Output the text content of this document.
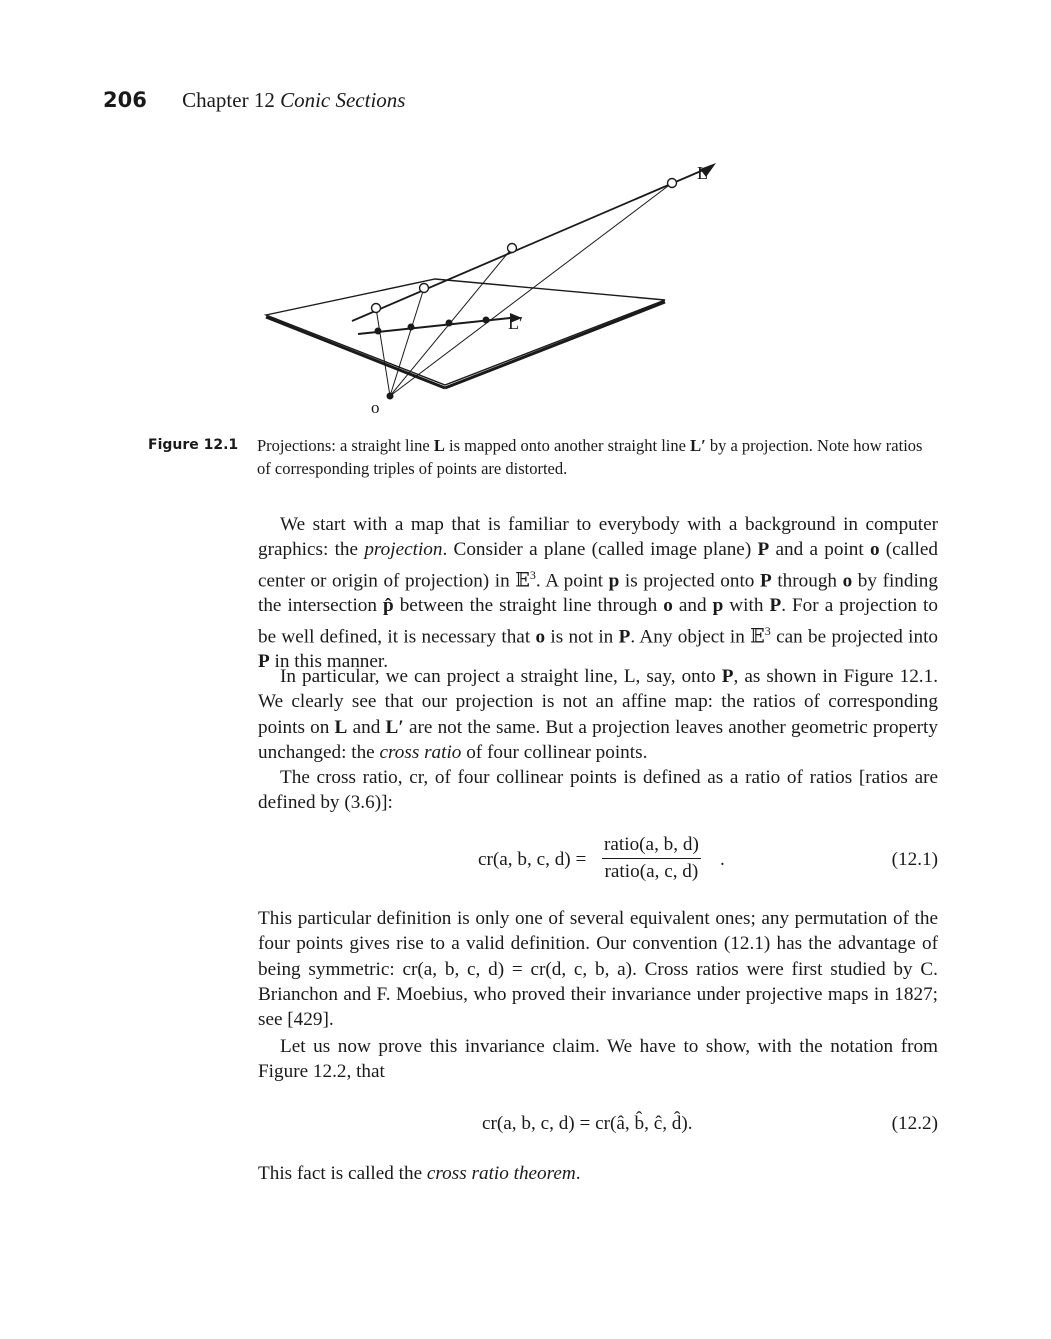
206 Chapter 12 Conic Sections
L
L′
o
Figure 12.1 Projections: a straight line L is mapped onto another straight line L′ by a projection. Note how ratios of corresponding triples of points are distorted.

We start with a map that is familiar to everybody with a background in computer graphics: the projection. Consider a plane (called image plane) P and a point o (called center or origin of projection) in 𝔼$^3$. A point p is projected onto P through o by finding the intersection p̂ between the straight line through o and p with P. For a projection to be well defined, it is necessary that o is not in P. Any object in 𝔼$^3$ can be projected into P in this manner.

In particular, we can project a straight line, L, say, onto P, as shown in Figure 12.1. We clearly see that our projection is not an affine map: the ratios of corresponding points on L and L′ are not the same. But a projection leaves another geometric property unchanged: the cross ratio of four collinear points.

The cross ratio, cr, of four collinear points is defined as a ratio of ratios [ratios are defined by (3.6)]:

cr(a, b, c, d) =
ratio(a, b, d)
ratio(a, c, d)
.	(12.1)

This particular definition is only one of several equivalent ones; any permutation of the four points gives rise to a valid definition. Our convention (12.1) has the advantage of being symmetric: cr(a, b, c, d) = cr(d, c, b, a). Cross ratios were first studied by C. Brianchon and F. Moebius, who proved their invariance under projective maps in 1827; see [429].

Let us now prove this invariance claim. We have to show, with the notation from Figure 12.2, that

cr(a, b, c, d) = cr(â, b̂, ĉ, d̂).	(12.2)

This fact is called the cross ratio theorem.
